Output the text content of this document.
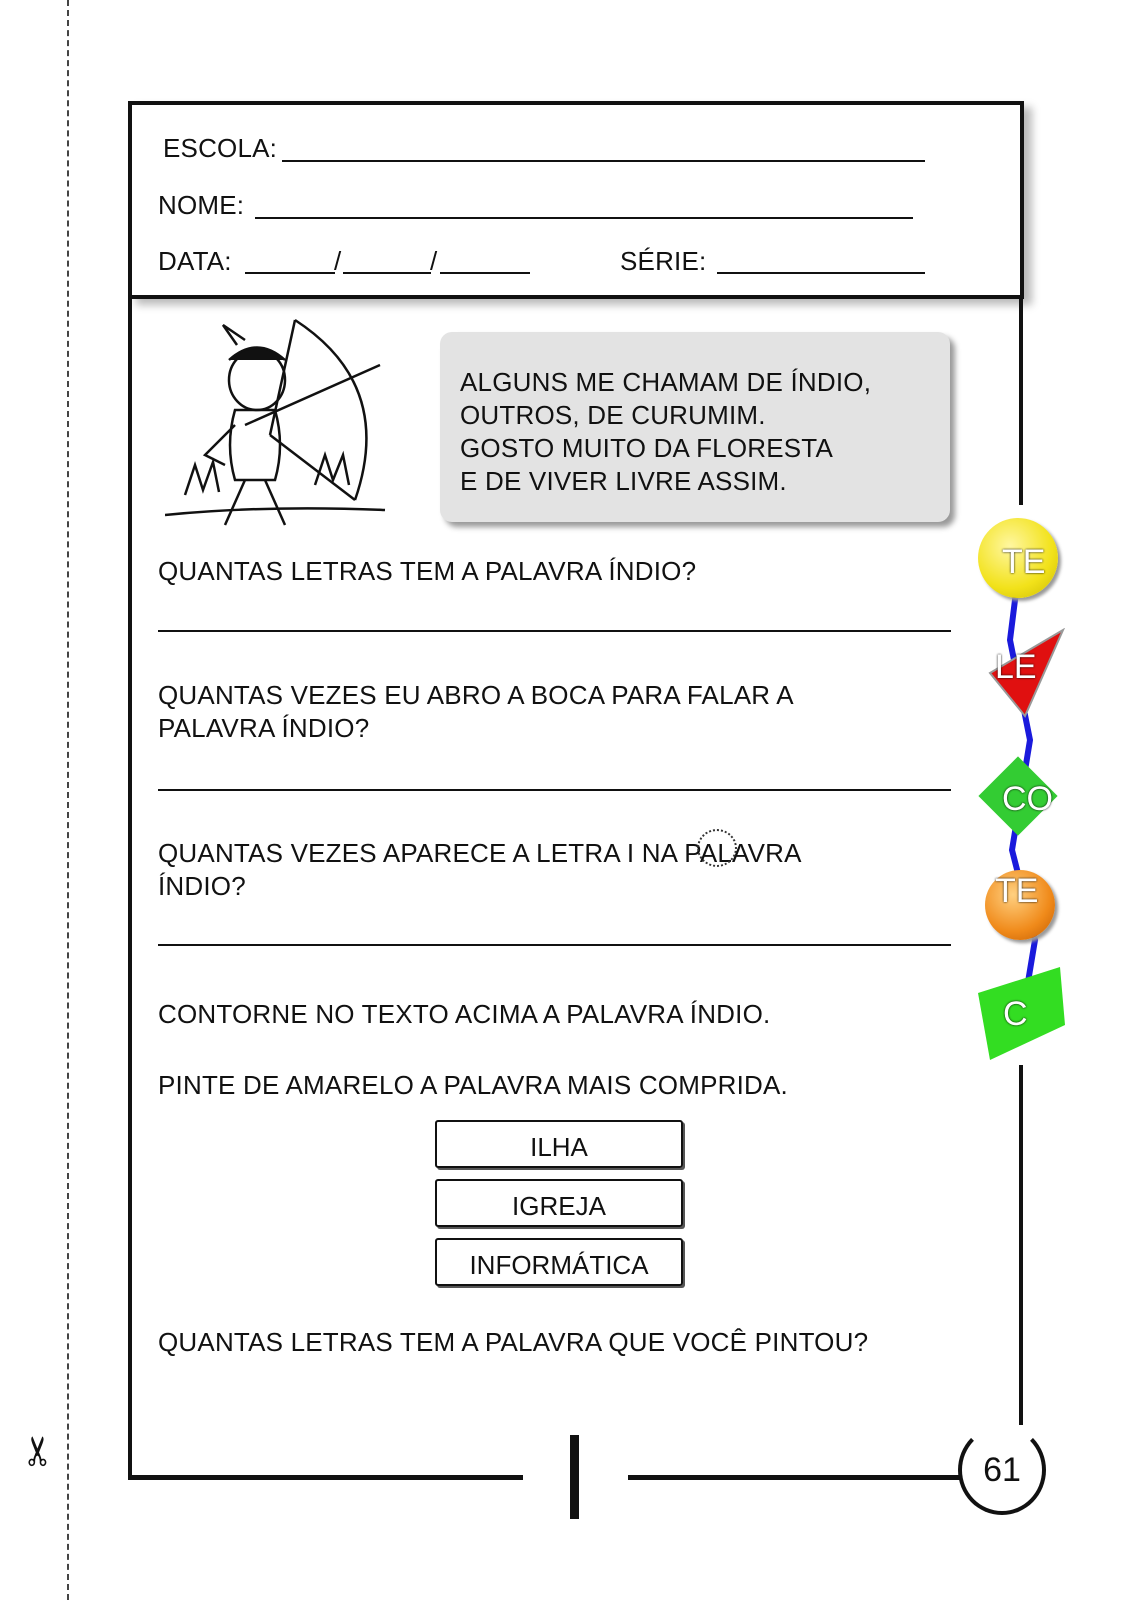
✂
ESCOLA:
NOME:
DATA:	/	/	SÉRIE:
61
ALGUNS ME CHAMAM DE ÍNDIO,
OUTROS, DE CURUMIM.
GOSTO MUITO DA FLORESTA
E DE VIVER LIVRE ASSIM.
QUANTAS LETRAS TEM A PALAVRA ÍNDIO?
QUANTAS VEZES EU ABRO A BOCA PARA FALAR A
PALAVRA ÍNDIO?
QUANTAS VEZES APARECE A LETRA I NA PALAVRA
ÍNDIO?
CONTORNE NO TEXTO ACIMA A PALAVRA ÍNDIO.
PINTE DE AMARELO A PALAVRA MAIS COMPRIDA.
ILHA
IGREJA
INFORMÁTICA
QUANTAS LETRAS TEM A PALAVRA QUE VOCÊ PINTOU?
TE
LE
CO
TE
C
